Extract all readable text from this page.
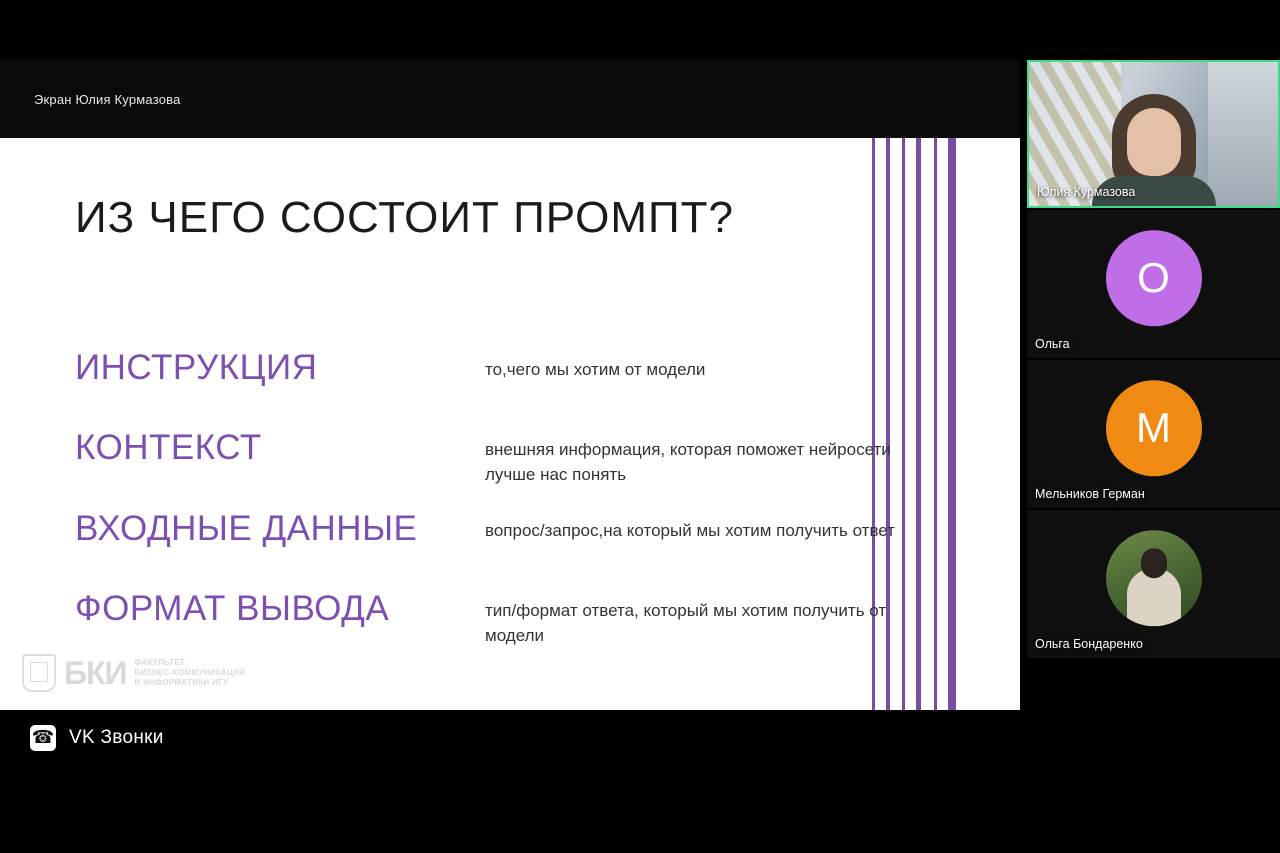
Экран Юлия Курмазова
ИЗ ЧЕГО СОСТОИТ ПРОМПТ?
ИНСТРУКЦИЯ	то,чего мы хотим от модели
КОНТЕКСТ	внешняя информация, которая поможет нейросети лучше нас понять
ВХОДНЫЕ ДАННЫЕ	вопрос/запрос,на который мы хотим получить ответ
ФОРМАТ ВЫВОДА	тип/формат ответа, который мы хотим получить от модели
БКИ ФАКУЛЬТЕТ
БИЗНЕС-КОММУНИКАЦИЙ
И ИНФОРМАТИКИ ИГУ
☎
VK Звонки
Юлия Курмазова
О
Ольга
M
Мельников Герман
Ольга Бондаренко
